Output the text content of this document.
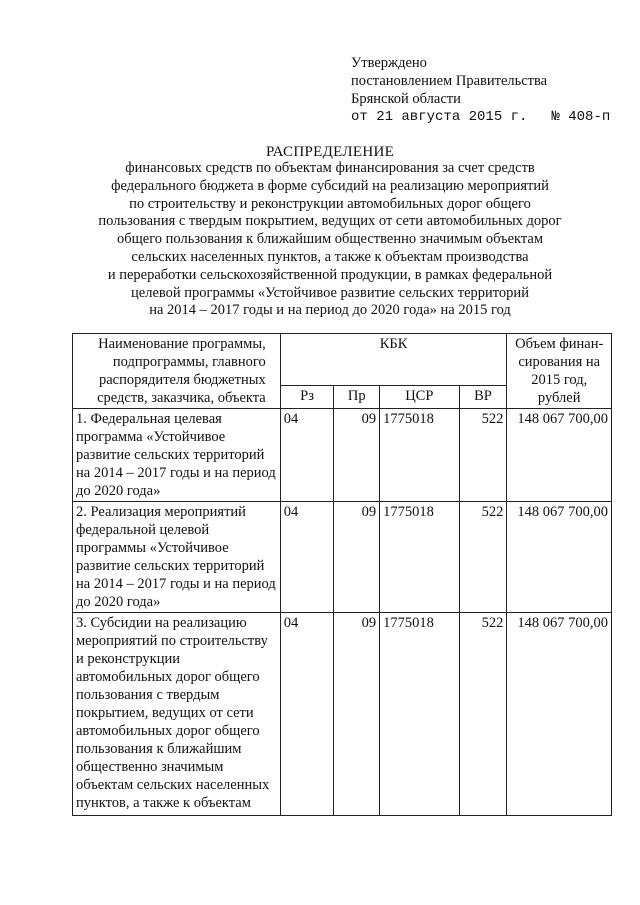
Утверждено
постановлением Правительства
Брянской области
от 21 августа 2015 г. № 408-п
РАСПРЕДЕЛЕНИЕ
финансовых средств по объектам финансирования за счет средств
федерального бюджета в форме субсидий на реализацию мероприятий
по строительству и реконструкции автомобильных дорог общего
пользования с твердым покрытием, ведущих от сети автомобильных дорог
общего пользования к ближайшим общественно значимым объектам
сельских населенных пунктов, а также к объектам производства
и переработки сельскохозяйственной продукции, в рамках федеральной
целевой программы «Устойчивое развитие сельских территорий
на 2014 – 2017 годы и на период до 2020 года» на 2015 год
Наименование программы, подпрограммы, главного распорядителя бюджетных средств, заказчика, объекта	КБК				Объем финан-сирования на 2015 год, рублей
	Рз	Пр	ЦСР	ВР	
1. Федеральная целевая программа «Устойчивое развитие сельских территорий на 2014 – 2017 годы и на период до 2020 года»	04	09	1775018	522	148 067 700,00
2. Реализация мероприятий федеральной целевой программы «Устойчивое развитие сельских территорий на 2014 – 2017 годы и на период до 2020 года»	04	09	1775018	522	148 067 700,00
3. Субсидии на реализацию мероприятий по строительству и реконструкции автомобильных дорог общего пользования с твердым покрытием, ведущих от сети автомобильных дорог общего пользования к ближайшим общественно значимым объектам сельских населенных пунктов, а также к объектам	04	09	1775018	522	148 067 700,00
